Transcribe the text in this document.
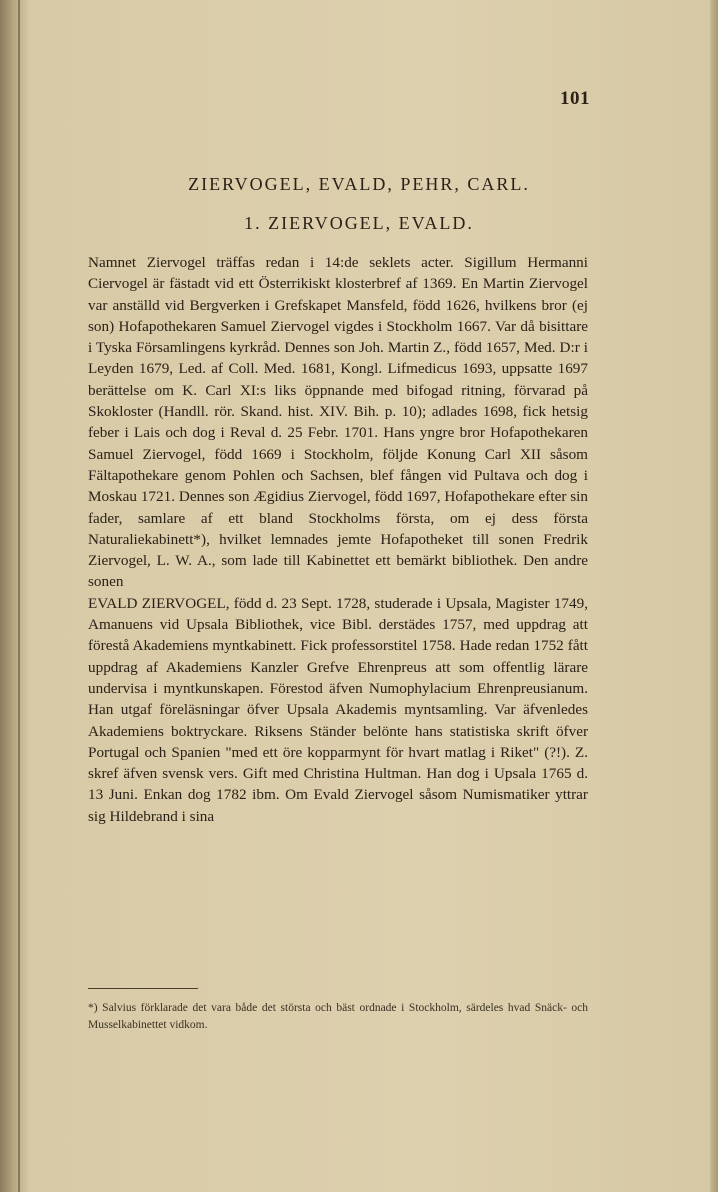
101
ZIERVOGEL, EVALD, PEHR, CARL.
1. ZIERVOGEL, EVALD.

Namnet Ziervogel träffas redan i 14:de seklets acter. Sigillum Hermanni Ciervogel är fästadt vid ett Österrikiskt klosterbref af 1369. En Martin Ziervogel var anställd vid Bergverken i Grefskapet Mansfeld, född 1626, hvilkens bror (ej son) Hofapothekaren Samuel Ziervogel vigdes i Stockholm 1667. Var då bisittare i Tyska Församlingens kyrkråd. Dennes son Joh. Martin Z., född 1657, Med. D:r i Leyden 1679, Led. af Coll. Med. 1681, Kongl. Lifmedicus 1693, uppsatte 1697 berättelse om K. Carl XI:s liks öppnande med bifogad ritning, förvarad på Skokloster (Handll. rör. Skand. hist. XIV. Bih. p. 10); adlades 1698, fick hetsig feber i Lais och dog i Reval d. 25 Febr. 1701. Hans yngre bror Hofapothekaren Samuel Ziervogel, född 1669 i Stockholm, följde Konung Carl XII såsom Fältapothekare genom Pohlen och Sachsen, blef fången vid Pultava och dog i Moskau 1721. Dennes son Ægidius Ziervogel, född 1697, Hofapothekare efter sin fader, samlare af ett bland Stockholms första, om ej dess första Naturaliekabinett*), hvilket lemnades jemte Hofapotheket till sonen Fredrik Ziervogel, L. W. A., som lade till Kabinettet ett bemärkt bibliothek. Den andre sonen

EVALD ZIERVOGEL, född d. 23 Sept. 1728, studerade i Upsala, Magister 1749, Amanuens vid Upsala Bibliothek, vice Bibl. derstädes 1757, med uppdrag att förestå Akademiens myntkabinett. Fick professorstitel 1758. Hade redan 1752 fått uppdrag af Akademiens Kanzler Grefve Ehrenpreus att som offentlig lärare undervisa i myntkunskapen. Förestod äfven Numophylacium Ehrenpreusianum. Han utgaf föreläsningar öfver Upsala Akademis myntsamling. Var äfvenledes Akademiens boktryckare. Riksens Ständer belönte hans statistiska skrift öfver Portugal och Spanien "med ett öre kopparmynt för hvart matlag i Riket" (?!). Z. skref äfven svensk vers. Gift med Christina Hultman. Han dog i Upsala 1765 d. 13 Juni. Enkan dog 1782 ibm. Om Evald Ziervogel såsom Numismatiker yttrar sig Hildebrand i sina

*) Salvius förklarade det vara både det största och bäst ordnade i Stockholm, särdeles hvad Snäck- och Musselkabinettet vidkom.
